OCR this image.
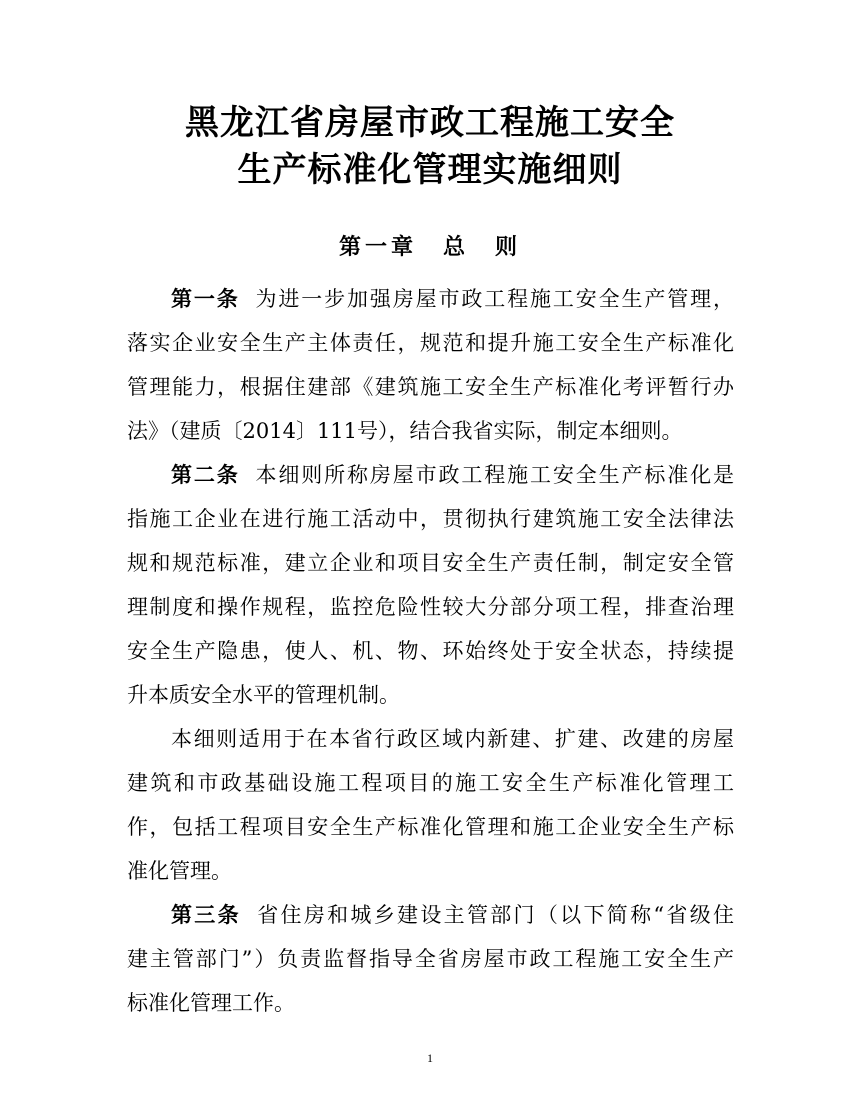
黑龙江省房屋市政工程施工安全
生产标准化管理实施细则
第一章　 总　则
第一条 为进一步加强房屋市政工程施工安全生产管理，
落实企业安全生产主体责任，规范和提升施工安全生产标准化
管理能力，根据住建部《建筑施工安全生产标准化考评暂行办
法》（建质〔2014〕111号），结合我省实际，制定本细则。
第二条 本细则所称房屋市政工程施工安全生产标准化是
指施工企业在进行施工活动中，贯彻执行建筑施工安全法律法
规和规范标准，建立企业和项目安全生产责任制，制定安全管
理制度和操作规程，监控危险性较大分部分项工程，排查治理
安全生产隐患，使人、机、物、环始终处于安全状态，持续提
升本质安全水平的管理机制。
本细则适用于在本省行政区域内新建、扩建、改建的房屋
建筑和市政基础设施工程项目的施工安全生产标准化管理工
作，包括工程项目安全生产标准化管理和施工企业安全生产标
准化管理。
第三条 省住房和城乡建设主管部门（以下简称“省级住
建主管部门”）负责监督指导全省房屋市政工程施工安全生产
标准化管理工作。
1
